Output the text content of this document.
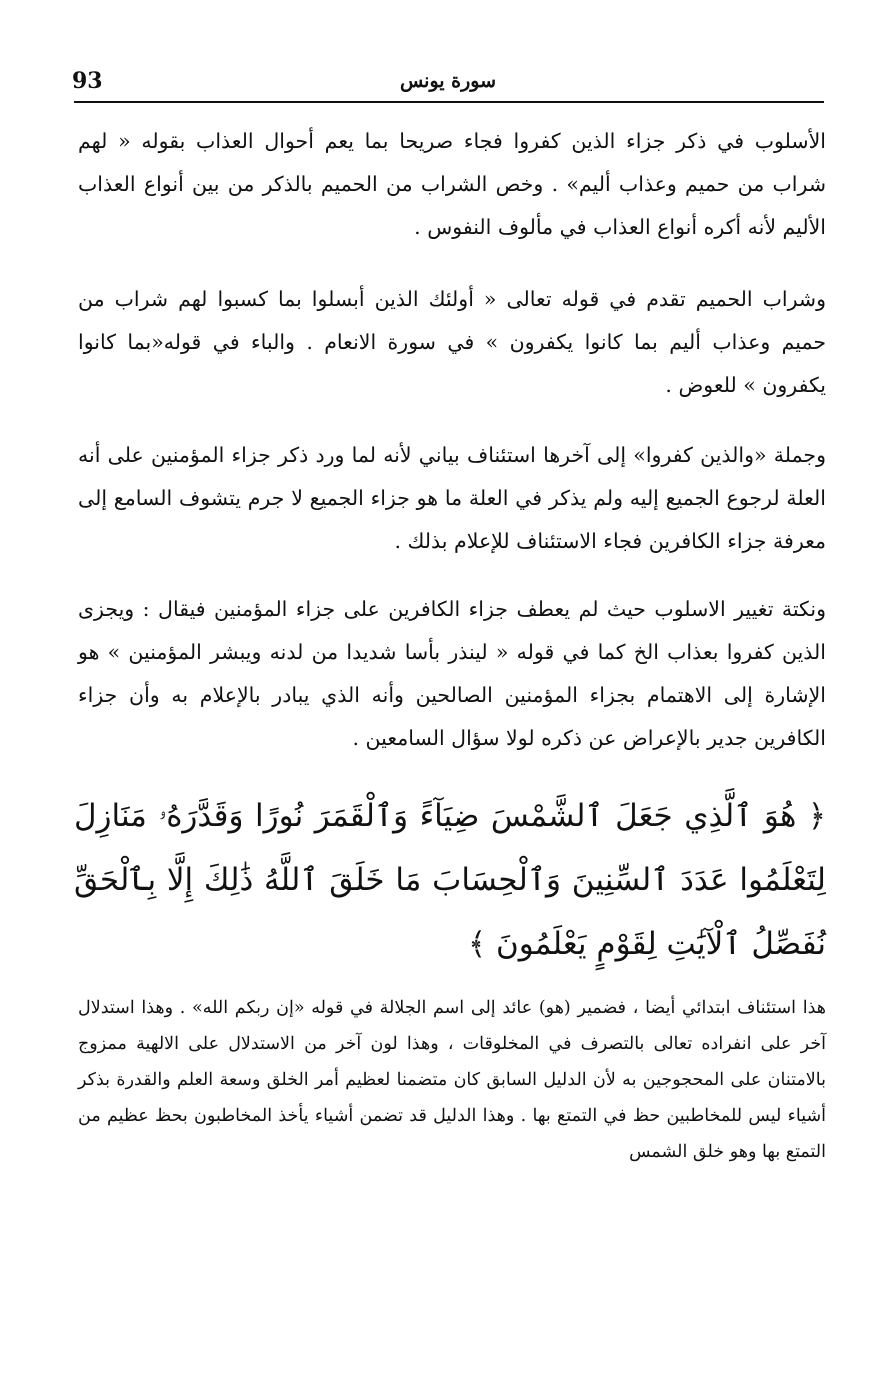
93	سورة يونس

الأسلوب في ذكر جزاء الذين كفروا فجاء صريحا بما يعم أحوال العذاب بقوله « لهم شراب من حميم وعذاب أليم» . وخص الشراب من الحميم بالذكر من بين أنواع العذاب الأليم لأنه أكره أنواع العذاب في مألوف النفوس .

وشراب الحميم تقدم في قوله تعالى « أولئك الذين أبسلوا بما كسبوا لهم شراب من حميم وعذاب أليم بما كانوا يكفرون » في سورة الانعام . والباء في قوله«بما كانوا يكفرون » للعوض .

وجملة «والذين كفروا» إلى آخرها استئناف بياني لأنه لما ورد ذكر جزاء المؤمنين على أنه العلة لرجوع الجميع إليه ولم يذكر في العلة ما هو جزاء الجميع لا جرم يتشوف السامع إلى معرفة جزاء الكافرين فجاء الاستئناف للإعلام بذلك .

ونكتة تغيير الاسلوب حيث لم يعطف جزاء الكافرين على جزاء المؤمنين فيقال : ويجزى الذين كفروا بعذاب الخ كما في قوله « لينذر بأسا شديدا من لدنه ويبشر المؤمنين » هو الإشارة إلى الاهتمام بجزاء المؤمنين الصالحين وأنه الذي يبادر بالإعلام به وأن جزاء الكافرين جدير بالإعراض عن ذكره لولا سؤال السامعين .

﴿ هُوَ ٱلَّذِي جَعَلَ ٱلشَّمْسَ ضِيَآءً وَٱلْقَمَرَ نُورًا وَقَدَّرَهُۥ مَنَازِلَ لِتَعْلَمُوا عَدَدَ ٱلسِّنِينَ وَٱلْحِسَابَ مَا خَلَقَ ٱللَّهُ ذَٰلِكَ إِلَّا بِٱلْحَقِّ نُفَصِّلُ ٱلْآيَٰتِ لِقَوْمٍ يَعْلَمُونَ ﴾

هذا استئناف ابتدائي أيضا ، فضمير (هو) عائد إلى اسم الجلالة في قوله «إن ربكم الله» . وهذا استدلال آخر على انفراده تعالى بالتصرف في المخلوقات ، وهذا لون آخر من الاستدلال على الالهية ممزوج بالامتنان على المحجوجين به لأن الدليل السابق كان متضمنا لعظيم أمر الخلق وسعة العلم والقدرة بذكر أشياء ليس للمخاطبين حظ في التمتع بها . وهذا الدليل قد تضمن أشياء يأخذ المخاطبون بحظ عظيم من التمتع بها وهو خلق الشمس
